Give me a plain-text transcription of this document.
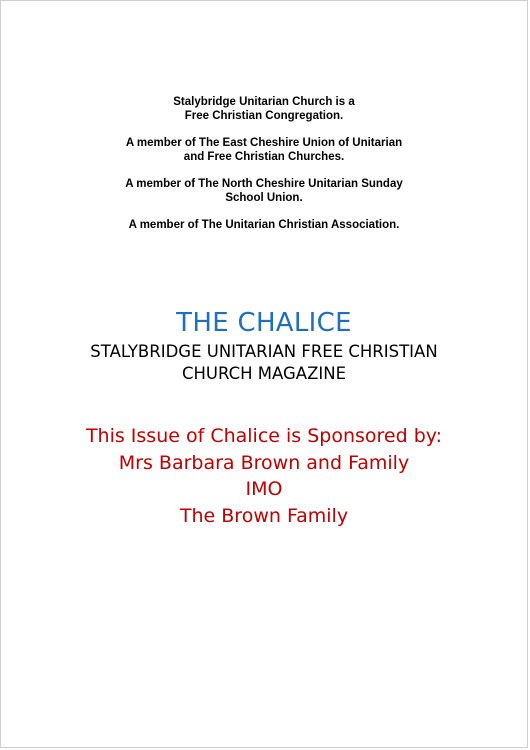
Stalybridge Unitarian Church is a
Free Christian Congregation.

A member of The East Cheshire Union of Unitarian
and Free Christian Churches.

A member of The North Cheshire Unitarian Sunday
School Union.

A member of The Unitarian Christian Association.

THE CHALICE
STALYBRIDGE UNITARIAN FREE CHRISTIAN
CHURCH MAGAZINE
This Issue of Chalice is Sponsored by:
Mrs Barbara Brown and Family
IMO
The Brown Family
